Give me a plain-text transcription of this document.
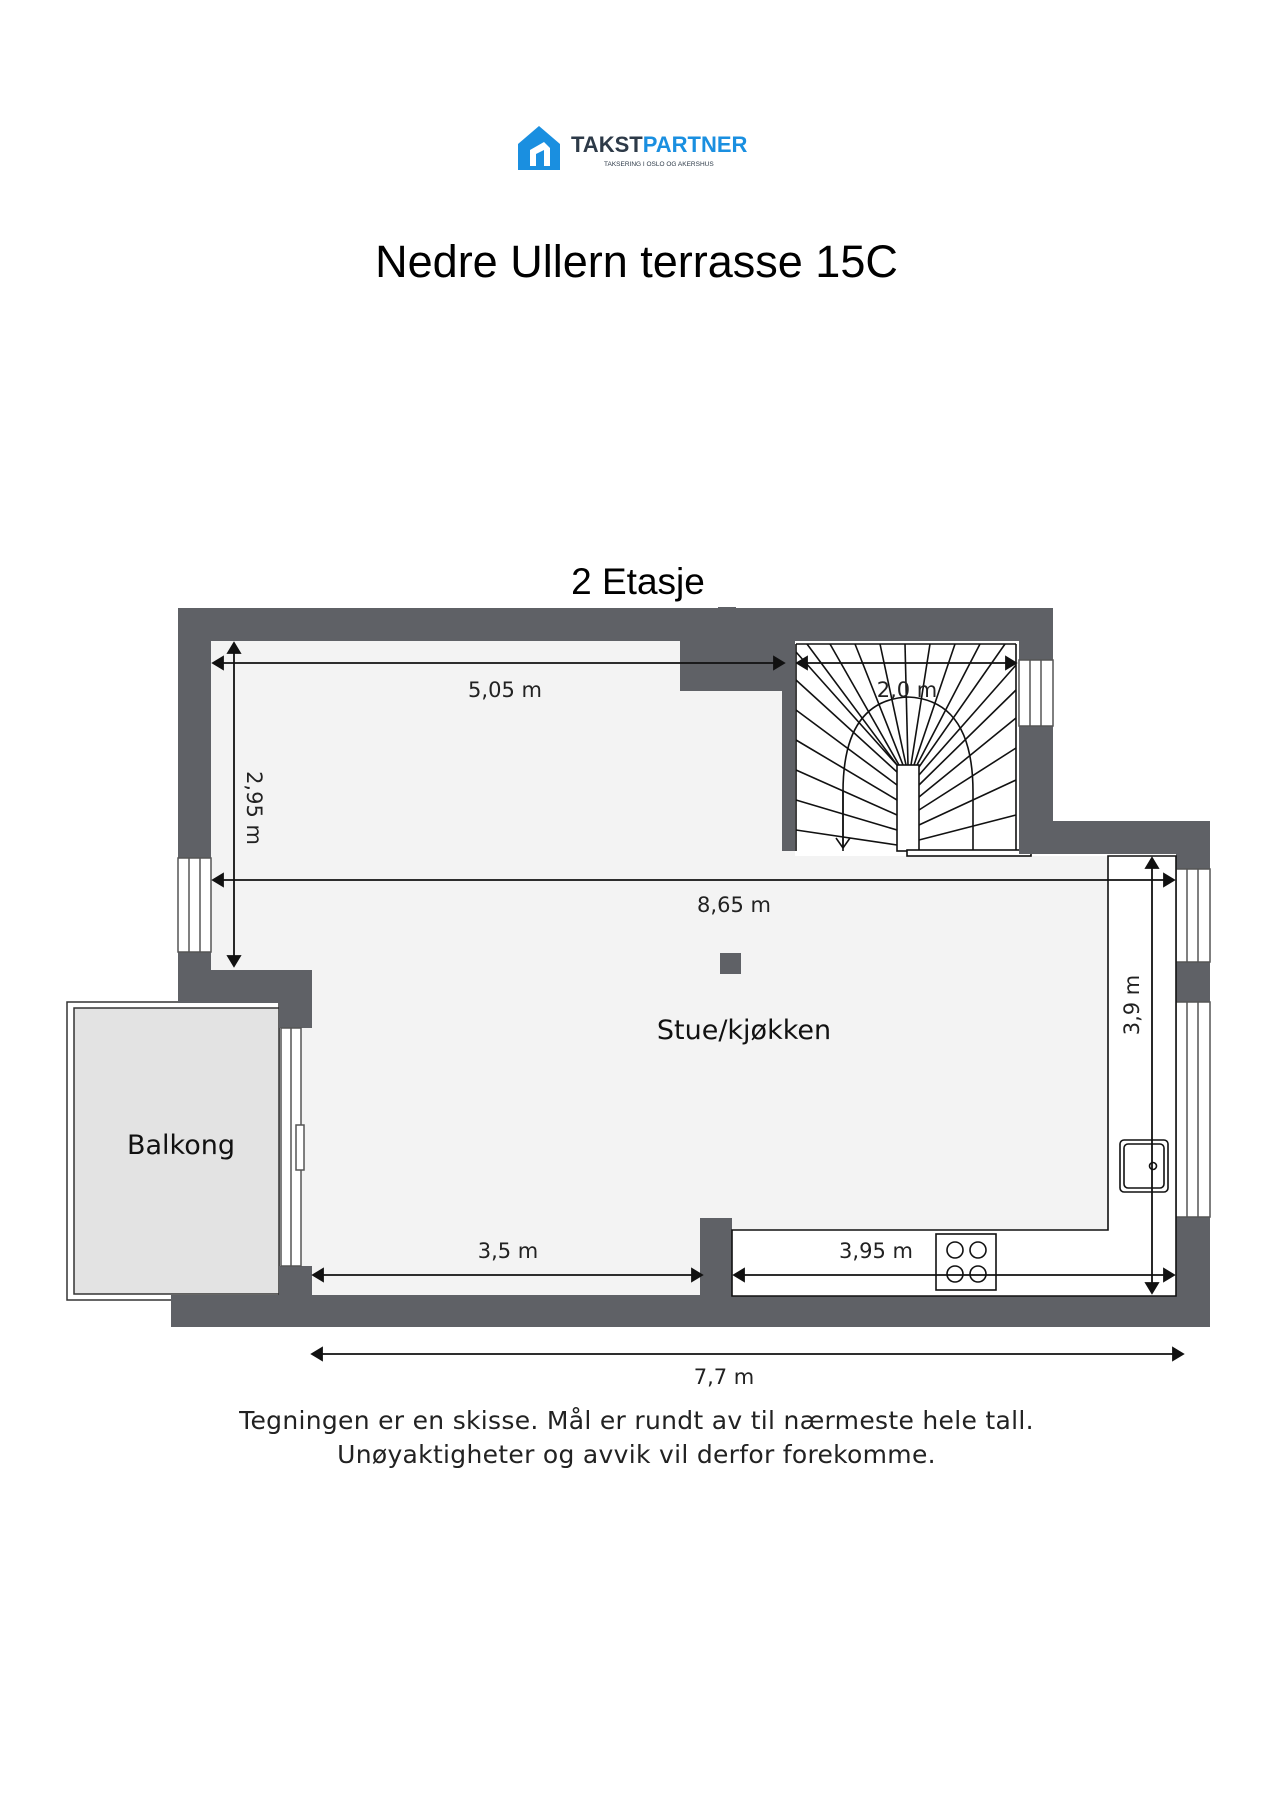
TAKSTPARTNER
TAKSERING I OSLO OG AKERSHUS
Nedre Ullern terrasse 15C
2 Etasje
5,05 m	2,0 m
2,95 m
8,65 m
3,9 m
3,5 m	3,95 m
7,7 m
Stue/kjøkken
Balkong
Tegningen er en skisse. Mål er rundt av til nærmeste hele tall.
Unøyaktigheter og avvik vil derfor forekomme.
